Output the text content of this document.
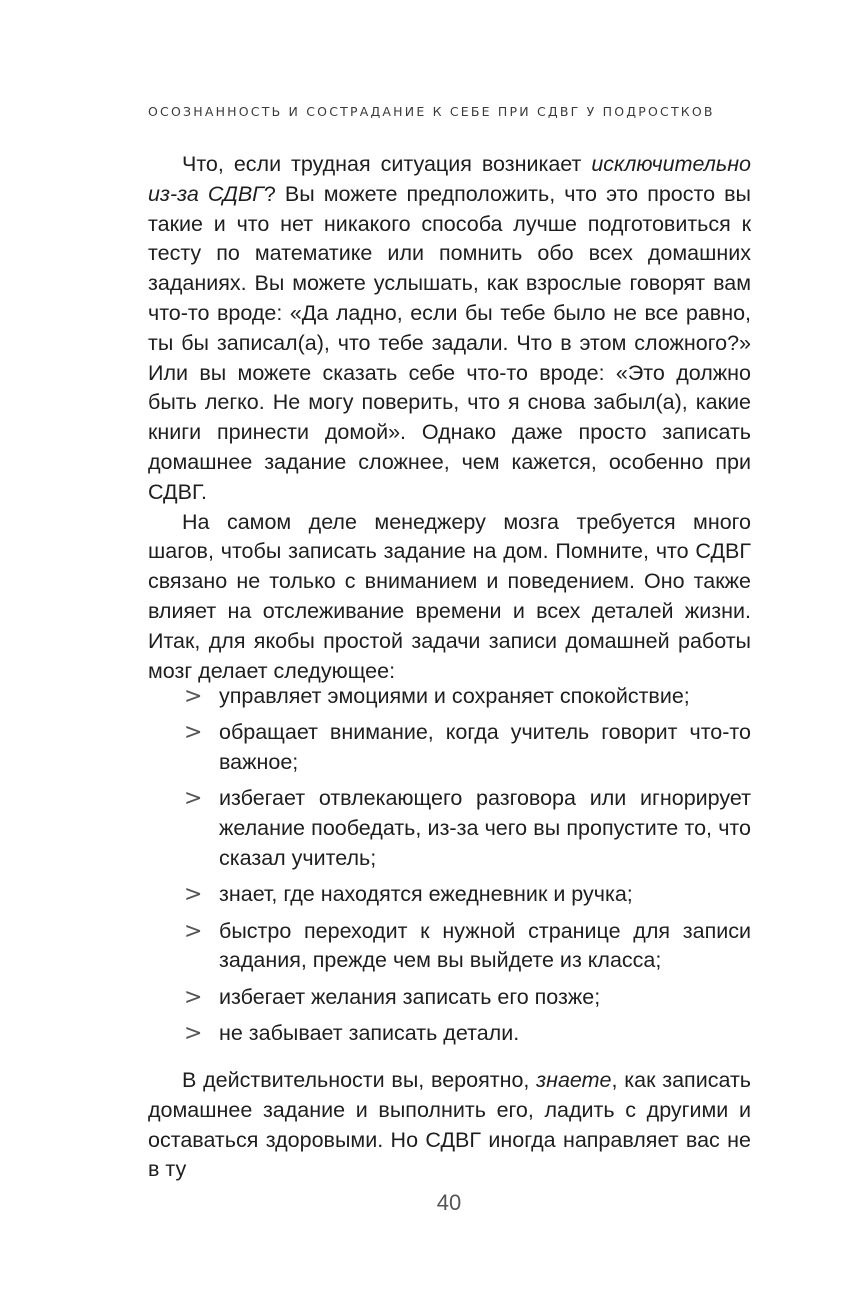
ОСОЗНАННОСТЬ И СОСТРАДАНИЕ К СЕБЕ ПРИ СДВГ У ПОДРОСТКОВ

Что, если трудная ситуация возникает исключительно из-за СДВГ? Вы можете предположить, что это просто вы такие и что нет никакого способа лучше подготовиться к тесту по математике или помнить обо всех домашних заданиях. Вы можете услышать, как взрослые говорят вам что-то вроде: «Да ладно, если бы тебе было не все равно, ты бы записал(а), что тебе задали. Что в этом сложного?» Или вы можете сказать себе что-то вроде: «Это должно быть легко. Не могу поверить, что я снова забыл(а), какие книги принести домой». Однако даже просто записать домашнее задание сложнее, чем кажется, особенно при СДВГ.

На самом деле менеджеру мозга требуется много шагов, чтобы записать задание на дом. Помните, что СДВГ связано не только с вниманием и поведением. Оно также влияет на отслеживание времени и всех деталей жизни. Итак, для якобы простой задачи записи домашней работы мозг делает следующее:

> управляет эмоциями и сохраняет спокойствие;
> обращает внимание, когда учитель говорит что-то важное;
> избегает отвлекающего разговора или игнорирует желание пообедать, из-за чего вы пропустите то, что сказал учитель;
> знает, где находятся ежедневник и ручка;
> быстро переходит к нужной странице для записи задания, прежде чем вы выйдете из класса;
> избегает желания записать его позже;
> не забывает записать детали.

В действительности вы, вероятно, знаете, как записать домашнее задание и выполнить его, ладить с другими и оставаться здоровыми. Но СДВГ иногда направляет вас не в ту

40
